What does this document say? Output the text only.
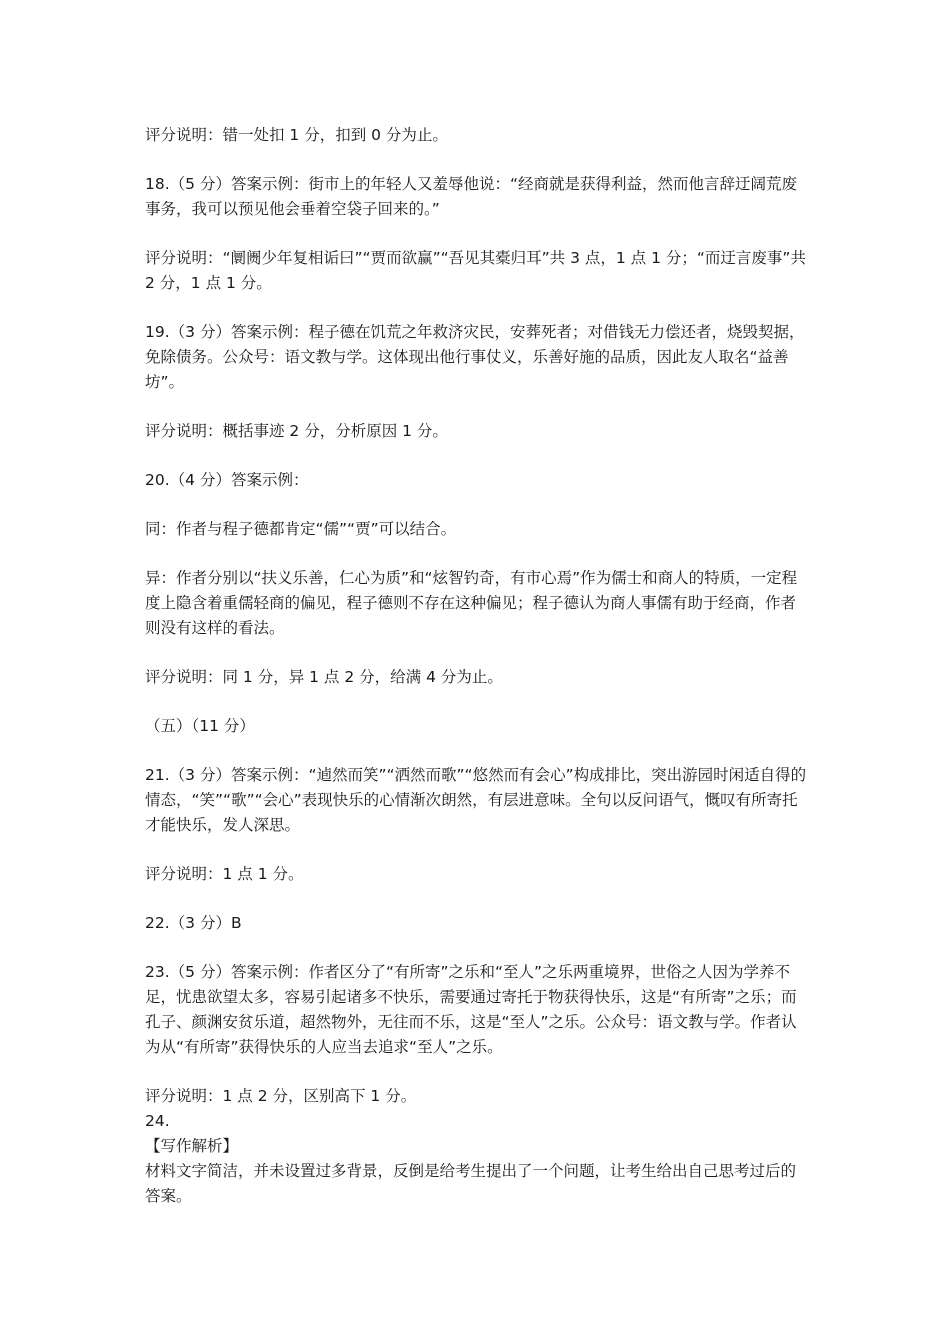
评分说明：错一处扣 1 分，扣到 0 分为止。

18.（5 分）答案示例：街市上的年轻人又羞辱他说：“经商就是获得利益，然而他言辞迂阔荒废事务，我可以预见他会垂着空袋子回来的。”

评分说明：“阛阓少年复相诟曰”“贾而欲赢”“吾见其橐归耳”共 3 点，1 点 1 分；“而迂言废事”共 2 分，1 点 1 分。

19.（3 分）答案示例：程子德在饥荒之年救济灾民，安葬死者；对借钱无力偿还者，烧毁契据，免除债务。公众号：语文教与学。这体现出他行事仗义，乐善好施的品质，因此友人取名“益善坊”。

评分说明：概括事迹 2 分，分析原因 1 分。

20.（4 分）答案示例：

同：作者与程子德都肯定“儒”“贾”可以结合。

异：作者分别以“扶义乐善，仁心为质”和“炫智钓奇，有市心焉”作为儒士和商人的特质，一定程度上隐含着重儒轻商的偏见，程子德则不存在这种偏见；程子德认为商人事儒有助于经商，作者则没有这样的看法。

评分说明：同 1 分，异 1 点 2 分，给满 4 分为止。

（五）（11 分）

21.（3 分）答案示例：“逌然而笑”“洒然而歌”“悠然而有会心”构成排比，突出游园时闲适自得的情态，“笑”“歌”“会心”表现快乐的心情渐次朗然，有层进意味。全句以反问语气，慨叹有所寄托才能快乐，发人深思。

评分说明：1 点 1 分。

22.（3 分）B

23.（5 分）答案示例：作者区分了“有所寄”之乐和“至人”之乐两重境界，世俗之人因为学养不足，忧患欲望太多，容易引起诸多不快乐，需要通过寄托于物获得快乐，这是“有所寄”之乐；而孔子、颜渊安贫乐道，超然物外，无往而不乐，这是“至人”之乐。公众号：语文教与学。作者认为从“有所寄”获得快乐的人应当去追求“至人”之乐。

评分说明：1 点 2 分，区别高下 1 分。

24.

【写作解析】

材料文字简洁，并未设置过多背景，反倒是给考生提出了一个问题，让考生给出自己思考过后的答案。
